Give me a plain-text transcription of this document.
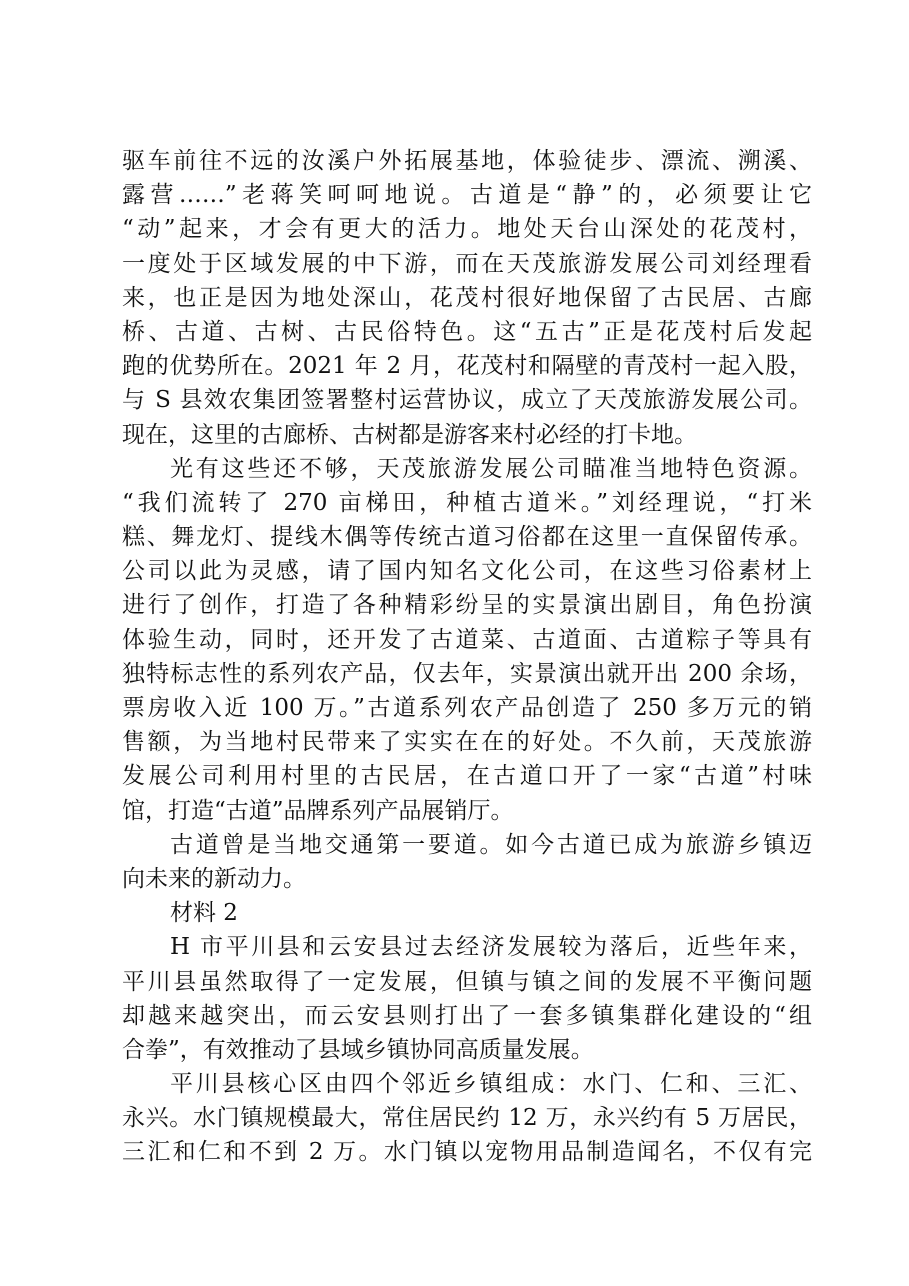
驱车前往不远的汝溪户外拓展基地，体验徒步、漂流、溯溪、
露营……”老蒋笑呵呵地说。古道是“静”的，必须要让它
“动”起来，才会有更大的活力。地处天台山深处的花茂村，
一度处于区域发展的中下游，而在天茂旅游发展公司刘经理看
来，也正是因为地处深山，花茂村很好地保留了古民居、古廊
桥、古道、古树、古民俗特色。这“五古”正是花茂村后发起
跑的优势所在。2021 年 2 月，花茂村和隔壁的青茂村一起入股，
与 S 县效农集团签署整村运营协议，成立了天茂旅游发展公司。
现在，这里的古廊桥、古树都是游客来村必经的打卡地。
光有这些还不够，天茂旅游发展公司瞄准当地特色资源。
“我们流转了 270 亩梯田，种植古道米。”刘经理说，“打米
糕、舞龙灯、提线木偶等传统古道习俗都在这里一直保留传承。
公司以此为灵感，请了国内知名文化公司，在这些习俗素材上
进行了创作，打造了各种精彩纷呈的实景演出剧目，角色扮演
体验生动，同时，还开发了古道菜、古道面、古道粽子等具有
独特标志性的系列农产品，仅去年，实景演出就开出 200 余场，
票房收入近 100 万。”古道系列农产品创造了 250 多万元的销
售额，为当地村民带来了实实在在的好处。不久前，天茂旅游
发展公司利用村里的古民居，在古道口开了一家“古道”村味
馆，打造“古道”品牌系列产品展销厅。
古道曾是当地交通第一要道。如今古道已成为旅游乡镇迈
向未来的新动力。
材料 2
H 市平川县和云安县过去经济发展较为落后，近些年来，
平川县虽然取得了一定发展，但镇与镇之间的发展不平衡问题
却越来越突出，而云安县则打出了一套多镇集群化建设的“组
合拳”，有效推动了县域乡镇协同高质量发展。
平川县核心区由四个邻近乡镇组成：水门、仁和、三汇、
永兴。水门镇规模最大，常住居民约 12 万，永兴约有 5 万居民，
三汇和仁和不到 2 万。水门镇以宠物用品制造闻名，不仅有完
